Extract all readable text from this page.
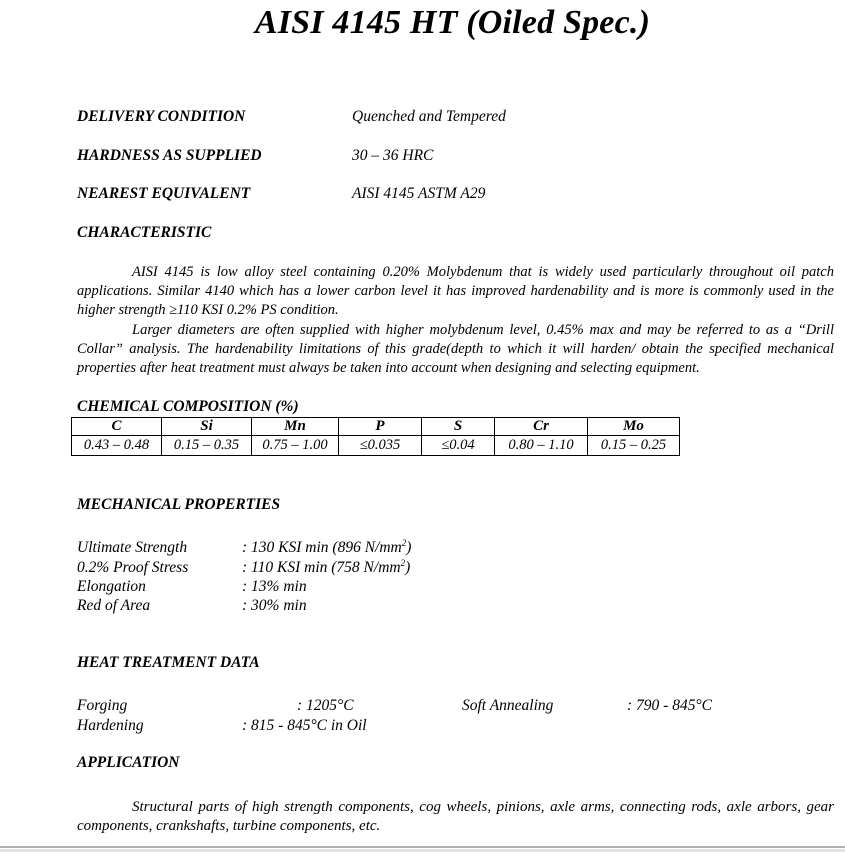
AISI 4145 HT (Oiled Spec.)
DELIVERY CONDITION	Quenched and Tempered
HARDNESS AS SUPPLIED	30 – 36 HRC
NEAREST EQUIVALENT	AISI 4145 ASTM A29
CHARACTERISTIC
AISI 4145 is low alloy steel containing 0.20% Molybdenum that is widely used particularly throughout oil patch applications. Similar 4140 which has a lower carbon level it has improved hardenability and is more is commonly used in the higher strength ≥110 KSI 0.2% PS condition.
Larger diameters are often supplied with higher molybdenum level, 0.45% max and may be referred to as a “Drill Collar” analysis. The hardenability limitations of this grade(depth to which it will harden/ obtain the specified mechanical properties after heat treatment must always be taken into account when designing and selecting equipment.
CHEMICAL COMPOSITION (%)
C	Si	Mn	P	S	Cr	Mo
0.43 – 0.48	0.15 – 0.35	0.75 – 1.00	≤0.035	≤0.04	0.80 – 1.10	0.15 – 0.25
MECHANICAL PROPERTIES
Ultimate Strength	: 130 KSI min (896 $N/mm^2$)
0.2% Proof Stress	: 110 KSI min (758 $N/mm^2$)
Elongation	: 13% min
Red of Area	: 30% min
HEAT TREATMENT DATA
Forging	: 1205°C	Soft Annealing	: 790 - 845°C
Hardening	: 815 - 845°C in Oil
APPLICATION
Structural parts of high strength components, cog wheels, pinions, axle arms, connecting rods, axle arbors, gear components, crankshafts, turbine components, etc.
